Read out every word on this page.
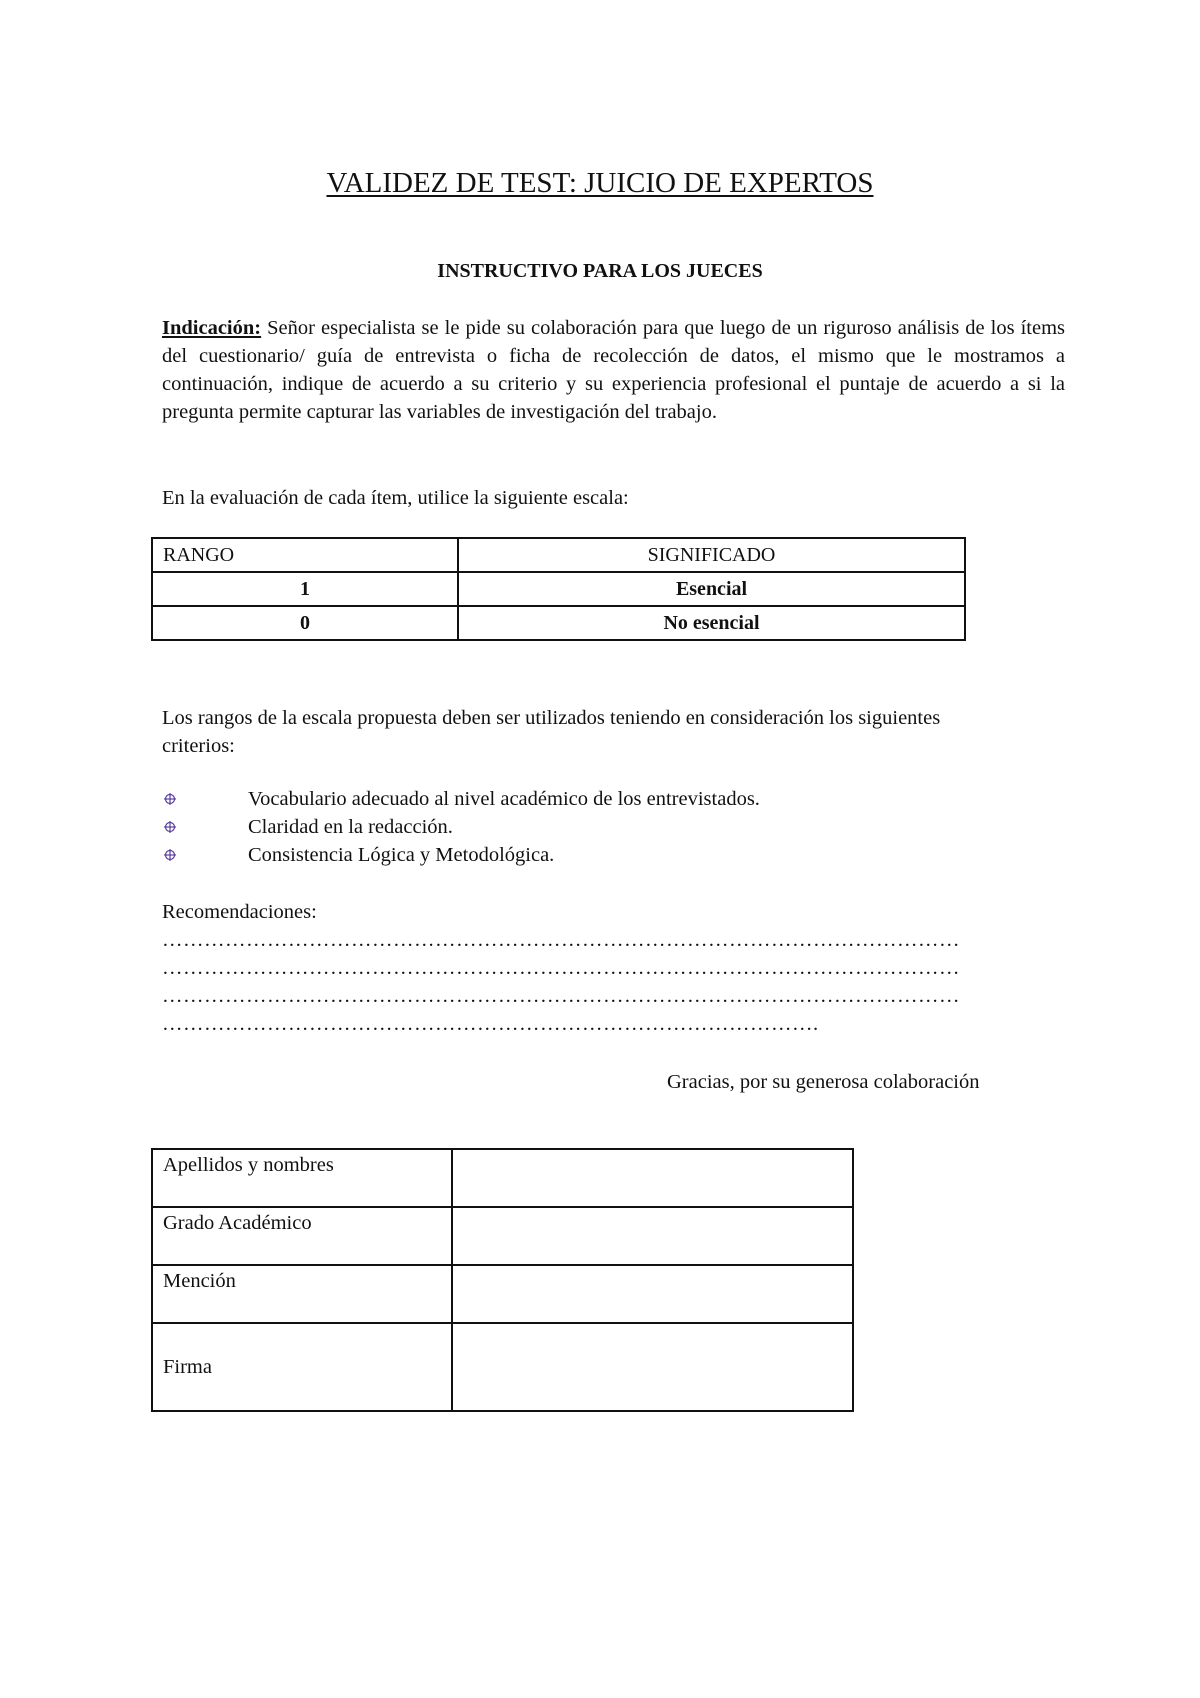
VALIDEZ DE TEST: JUICIO DE EXPERTOS
INSTRUCTIVO PARA LOS JUECES

Indicación: Señor especialista se le pide su colaboración para que luego de un riguroso análisis de los ítems del cuestionario/ guía de entrevista o ficha de recolección de datos, el mismo que le mostramos a continuación, indique de acuerdo a su criterio y su experiencia profesional el puntaje de acuerdo a si la pregunta permite capturar las variables de investigación del trabajo.

En la evaluación de cada ítem, utilice la siguiente escala:

RANGO	SIGNIFICADO
1	Esencial
0	No esencial

Los rangos de la escala propuesta deben ser utilizados teniendo en consideración los siguientes criterios:

Vocabulario adecuado al nivel académico de los entrevistados.
Claridad en la redacción.
Consistencia Lógica y Metodológica.

Recomendaciones:

……………………………………………………………………………………………………
……………………………………………………………………………………………………
……………………………………………………………………………………………………
………………………………………………………………………………….

Gracias, por su generosa colaboración

Apellidos y nombres	
Grado Académico	
Mención	
Firma	
